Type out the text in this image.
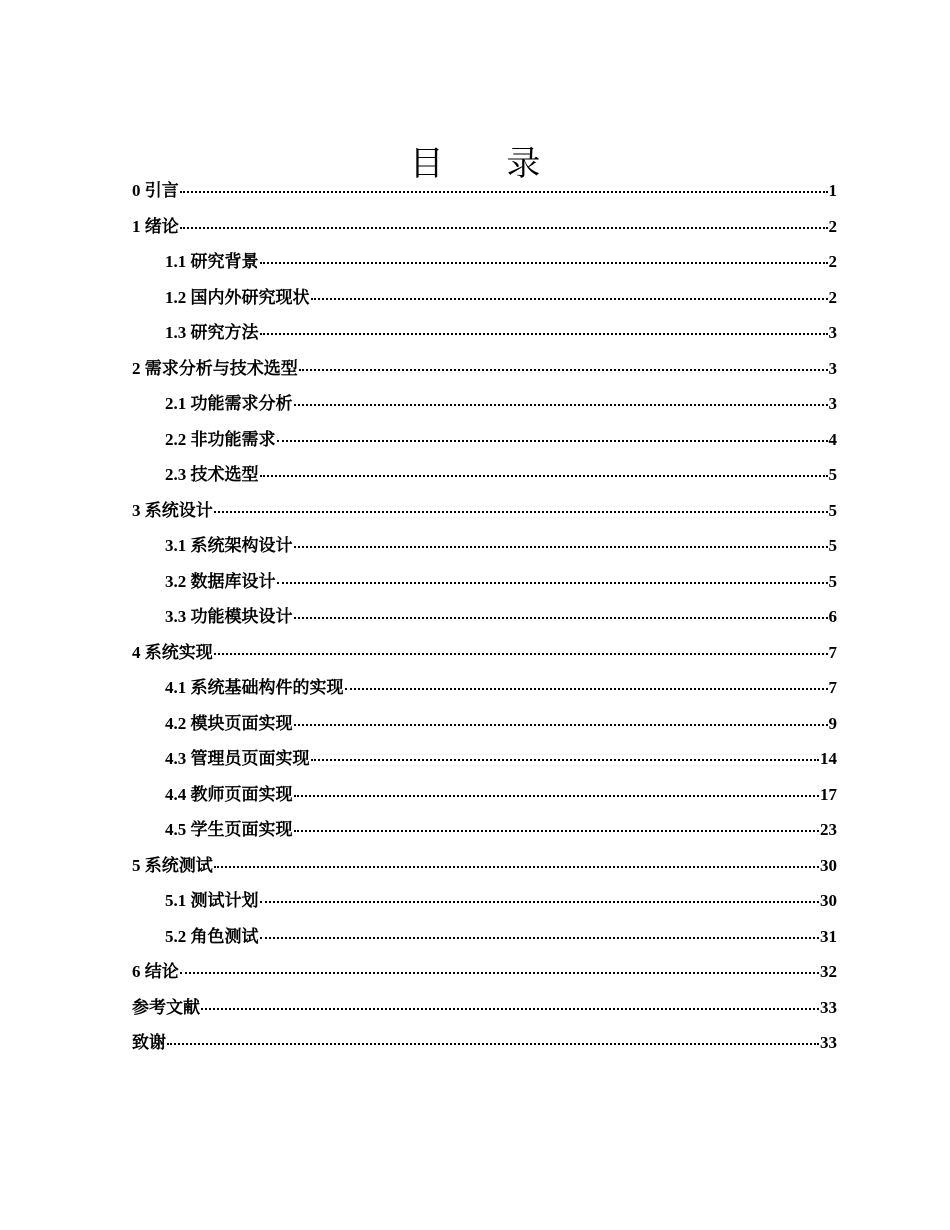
目 录
0 引言	1
1 绪论	2
1.1 研究背景	2
1.2 国内外研究现状	2
1.3 研究方法	3
2 需求分析与技术选型	3
2.1 功能需求分析	3
2.2 非功能需求	4
2.3 技术选型	5
3 系统设计	5
3.1 系统架构设计	5
3.2 数据库设计	5
3.3 功能模块设计	6
4 系统实现	7
4.1 系统基础构件的实现	7
4.2 模块页面实现	9
4.3 管理员页面实现	14
4.4 教师页面实现	17
4.5 学生页面实现	23
5 系统测试	30
5.1 测试计划	30
5.2 角色测试	31
6 结论	32
参考文献	33
致谢	33
